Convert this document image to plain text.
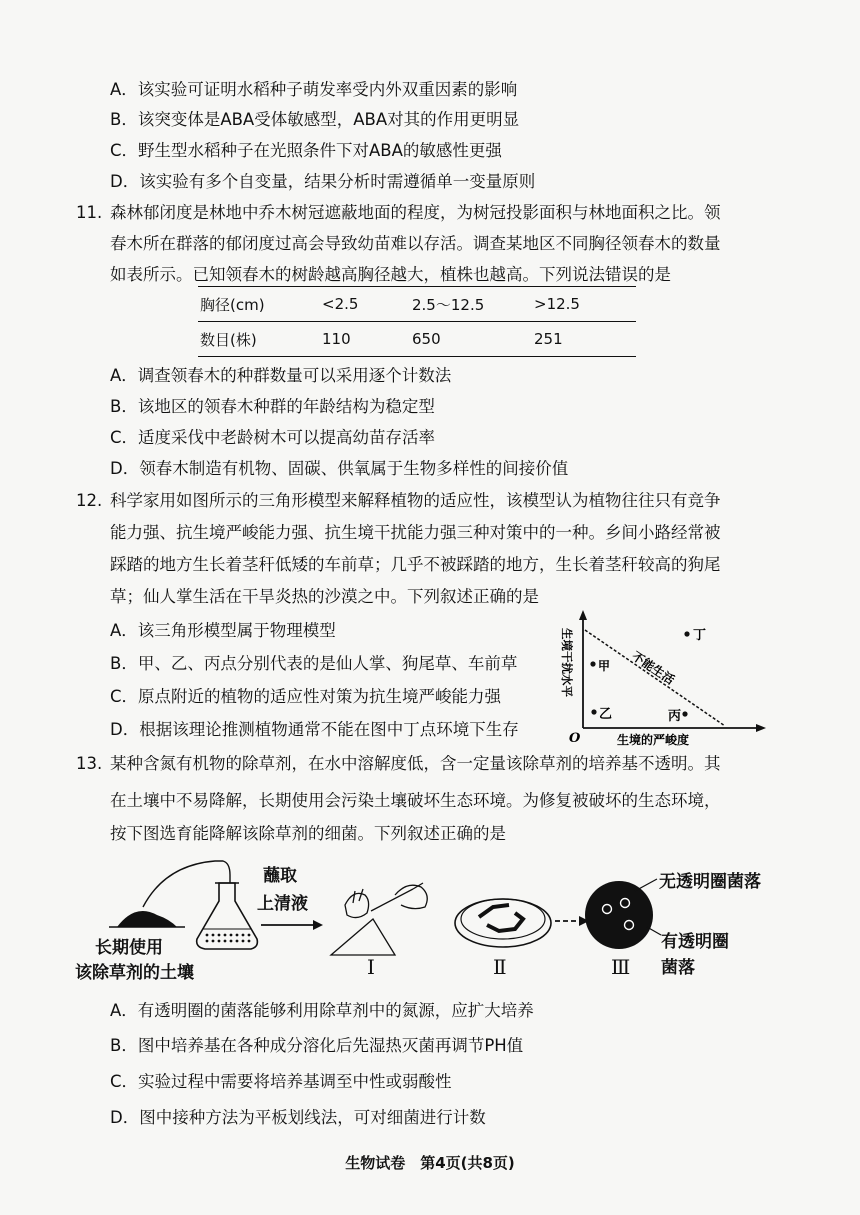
A．该实验可证明水稻种子萌发率受内外双重因素的影响
B．该突变体是ABA受体敏感型，ABA对其的作用更明显
C．野生型水稻种子在光照条件下对ABA的敏感性更强
D．该实验有多个自变量，结果分析时需遵循单一变量原则
11. 森林郁闭度是林地中乔木树冠遮蔽地面的程度，为树冠投影面积与林地面积之比。领
春木所在群落的郁闭度过高会导致幼苗难以存活。调查某地区不同胸径领春木的数量
如表所示。已知领春木的树龄越高胸径越大，植株也越高。下列说法错误的是
胸径(cm)	<2.5	2.5～12.5	>12.5
数目(株)	110	650	251
A．调查领春木的种群数量可以采用逐个计数法
B．该地区的领春木种群的年龄结构为稳定型
C．适度采伐中老龄树木可以提高幼苗存活率
D．领春木制造有机物、固碳、供氧属于生物多样性的间接价值
12. 科学家用如图所示的三角形模型来解释植物的适应性，该模型认为植物往往只有竞争
能力强、抗生境严峻能力强、抗生境干扰能力强三种对策中的一种。乡间小路经常被
踩踏的地方生长着茎秆低矮的车前草；几乎不被踩踏的地方，生长着茎秆较高的狗尾
草；仙人掌生活在干旱炎热的沙漠之中。下列叙述正确的是
A．该三角形模型属于物理模型
B．甲、乙、丙点分别代表的是仙人掌、狗尾草、车前草
C．原点附近的植物的适应性对策为抗生境严峻能力强
D．根据该理论推测植物通常不能在图中丁点环境下生存
甲
乙	丙
丁
O	生境的严峻度
生境干扰水平	不能生活
13. 某种含氮有机物的除草剂，在水中溶解度低，含一定量该除草剂的培养基不透明。其
在土壤中不易降解，长期使用会污染土壤破坏生态环境。为修复被破坏的生态环境，
按下图选育能降解该除草剂的细菌。下列叙述正确的是
蘸取
上清液
长期使用
该除草剂的土壤	Ⅰ	Ⅱ	Ⅲ
无透明圈菌落
有透明圈
菌落
A．有透明圈的菌落能够利用除草剂中的氮源，应扩大培养
B．图中培养基在各种成分溶化后先湿热灭菌再调节PH值
C．实验过程中需要将培养基调至中性或弱酸性
D．图中接种方法为平板划线法，可对细菌进行计数
生物试卷　第4页(共8页)
